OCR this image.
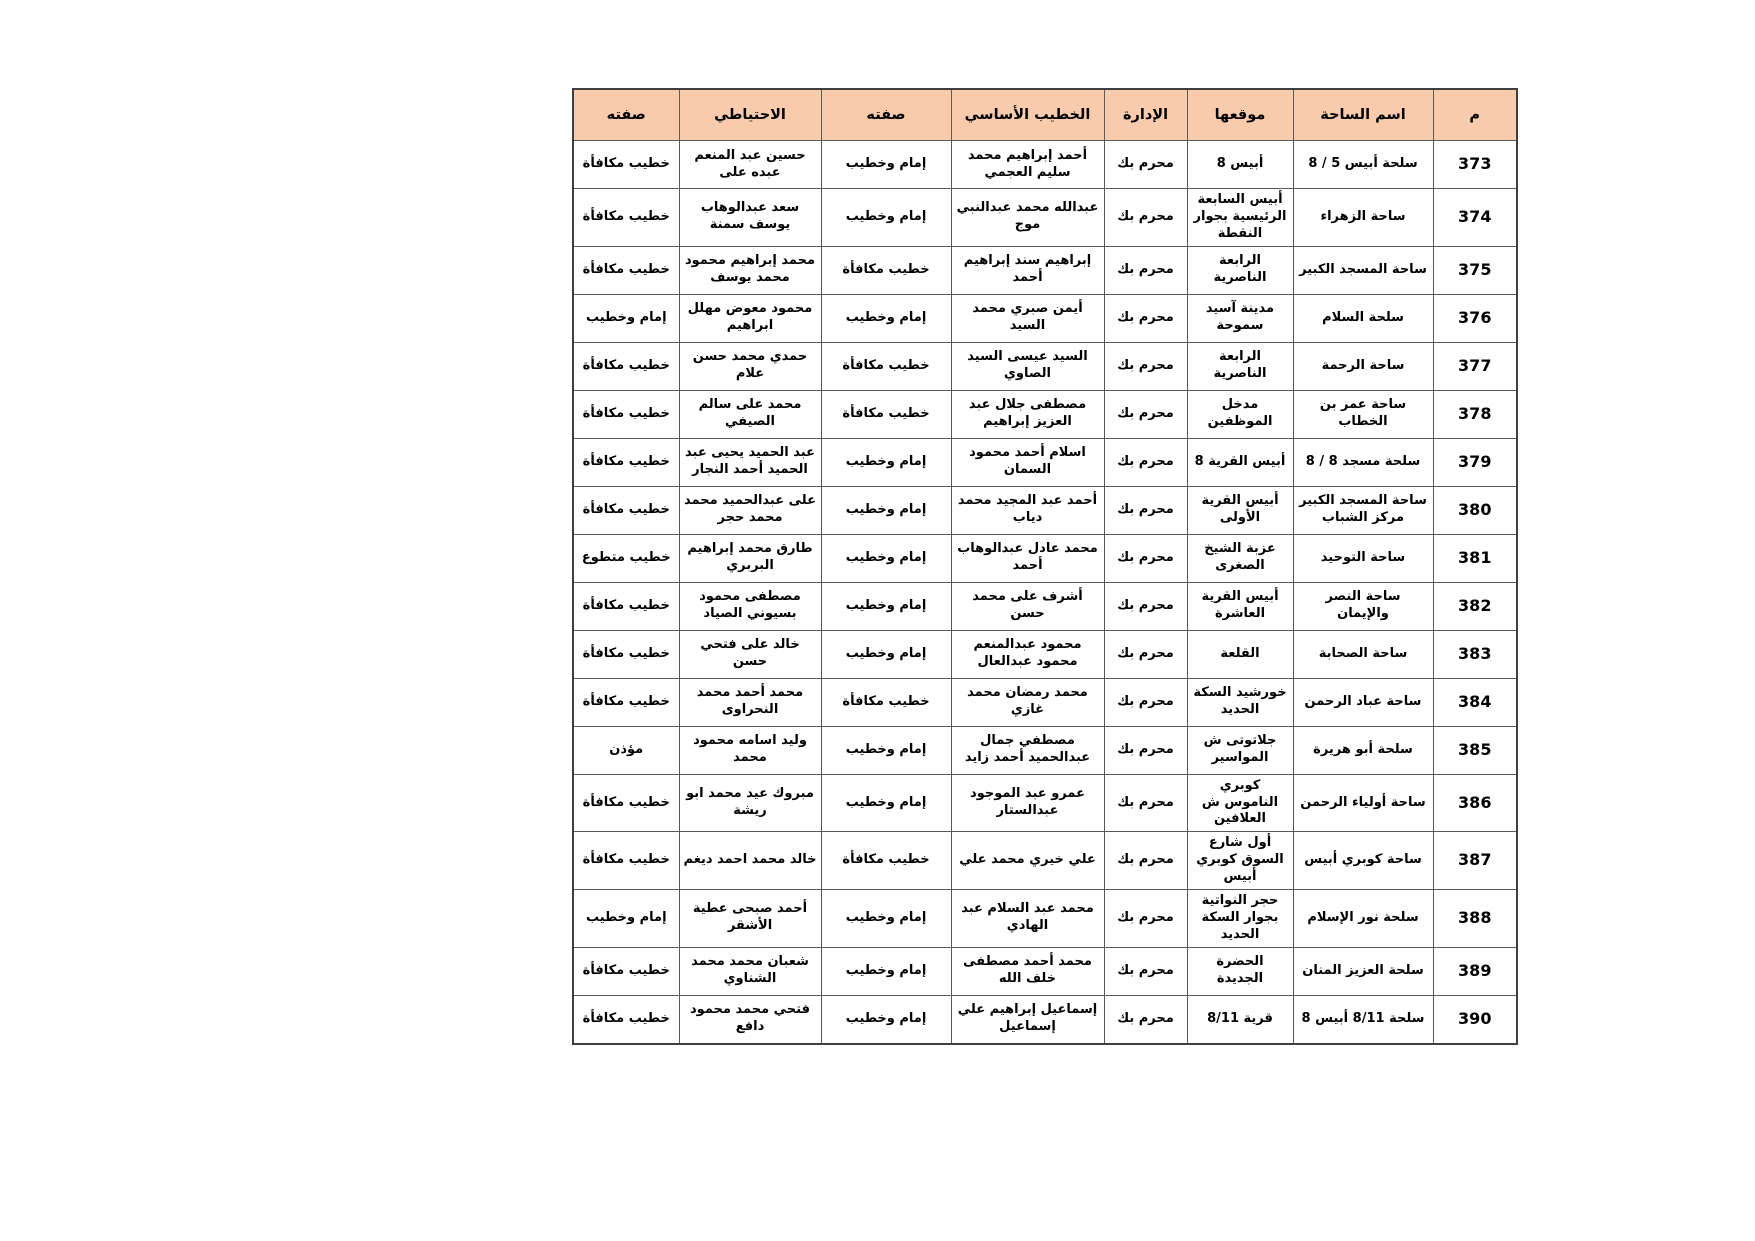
م	اسم الساحة	موقعها	الإدارة	الخطيب الأساسي	صفته	الاحتياطي	صفته
373	سلحة أبيس 5 / 8	أبيس 8	محرم بك	أحمد إبراهيم محمد سليم العجمي	إمام وخطيب	حسين عبد المنعم عبده على	خطيب مكافأة
374	ساحة الزهراء	أبيس السابعة الرئيسية بجوار النقطة	محرم بك	عبدالله محمد عبدالنبي موج	إمام وخطيب	سعد عبدالوهاب يوسف سمنة	خطيب مكافأة
375	ساحة المسجد الكبير	الرابعة الناصرية	محرم بك	إبراهيم سند إبراهيم أحمد	خطيب مكافأة	محمد إبراهيم محمود محمد يوسف	خطيب مكافأة
376	سلحة السلام	مدينة آسيد سموحة	محرم بك	أيمن صبري محمد السيد	إمام وخطيب	محمود معوض مهلل ابراهيم	إمام وخطيب
377	ساحة الرحمة	الرابعة الناصرية	محرم بك	السيد عيسى السيد الصاوي	خطيب مكافأة	حمدي محمد حسن علام	خطيب مكافأة
378	ساحة عمر بن الخطاب	مدخل الموظفين	محرم بك	مصطفى جلال عبد العزيز إبراهيم	خطيب مكافأة	محمد على سالم الصيفي	خطيب مكافأة
379	سلحة مسجد 8 / 8	أبيس القرية 8	محرم بك	اسلام أحمد محمود السمان	إمام وخطيب	عبد الحميد يحيى عبد الحميد أحمد النجار	خطيب مكافأة
380	ساحة المسجد الكبير مركز الشباب	أبيس القرية الأولى	محرم بك	أحمد عبد المجيد محمد دياب	إمام وخطيب	على عبدالحميد محمد محمد حجر	خطيب مكافأة
381	ساحة التوحيد	عزبة الشيخ الصغرى	محرم بك	محمد عادل عبدالوهاب أحمد	إمام وخطيب	طارق محمد إبراهيم البربري	خطيب متطوع
382	ساحة النصر والإيمان	أبيس القرية العاشرة	محرم بك	أشرف على محمد حسن	إمام وخطيب	مصطفى محمود بسيوني الصياد	خطيب مكافأة
383	ساحة الصحابة	القلعة	محرم بك	محمود عبدالمنعم محمود عبدالعال	إمام وخطيب	خالد على فتحي حسن	خطيب مكافأة
384	ساحة عباد الرحمن	خورشيد السكة الحديد	محرم بك	محمد رمضان محمد غازي	خطيب مكافأة	محمد أحمد محمد النحراوى	خطيب مكافأة
385	سلحة أبو هريرة	جلاتوتى ش المواسير	محرم بك	مصطفي جمال عبدالحميد أحمد زايد	إمام وخطيب	وليد اسامه محمود محمد	مؤذن
386	ساحة أولياء الرحمن	كوبري الناموس ش العلافين	محرم بك	عمرو عبد الموجود عبدالستار	إمام وخطيب	مبروك عيد محمد ابو ريشة	خطيب مكافأة
387	ساحة كوبري أبيس	أول شارع السوق كوبري أبيس	محرم بك	علي خيري محمد علي	خطيب مكافأة	خالد محمد احمد ديغم	خطيب مكافأة
388	سلحة نور الإسلام	حجر النواتية بجوار السكة الحديد	محرم بك	محمد عبد السلام عبد الهادي	إمام وخطيب	أحمد صبحى عطية الأشقر	إمام وخطيب
389	سلحة العزيز المنان	الحضرة الجديدة	محرم بك	محمد أحمد مصطفى خلف الله	إمام وخطيب	شعبان محمد محمد الشناوي	خطيب مكافأة
390	سلحة 8/11 أبيس 8	قرية 8/11	محرم بك	إسماعيل إبراهيم علي إسماعيل	إمام وخطيب	فتحي محمد محمود دافع	خطيب مكافأة
